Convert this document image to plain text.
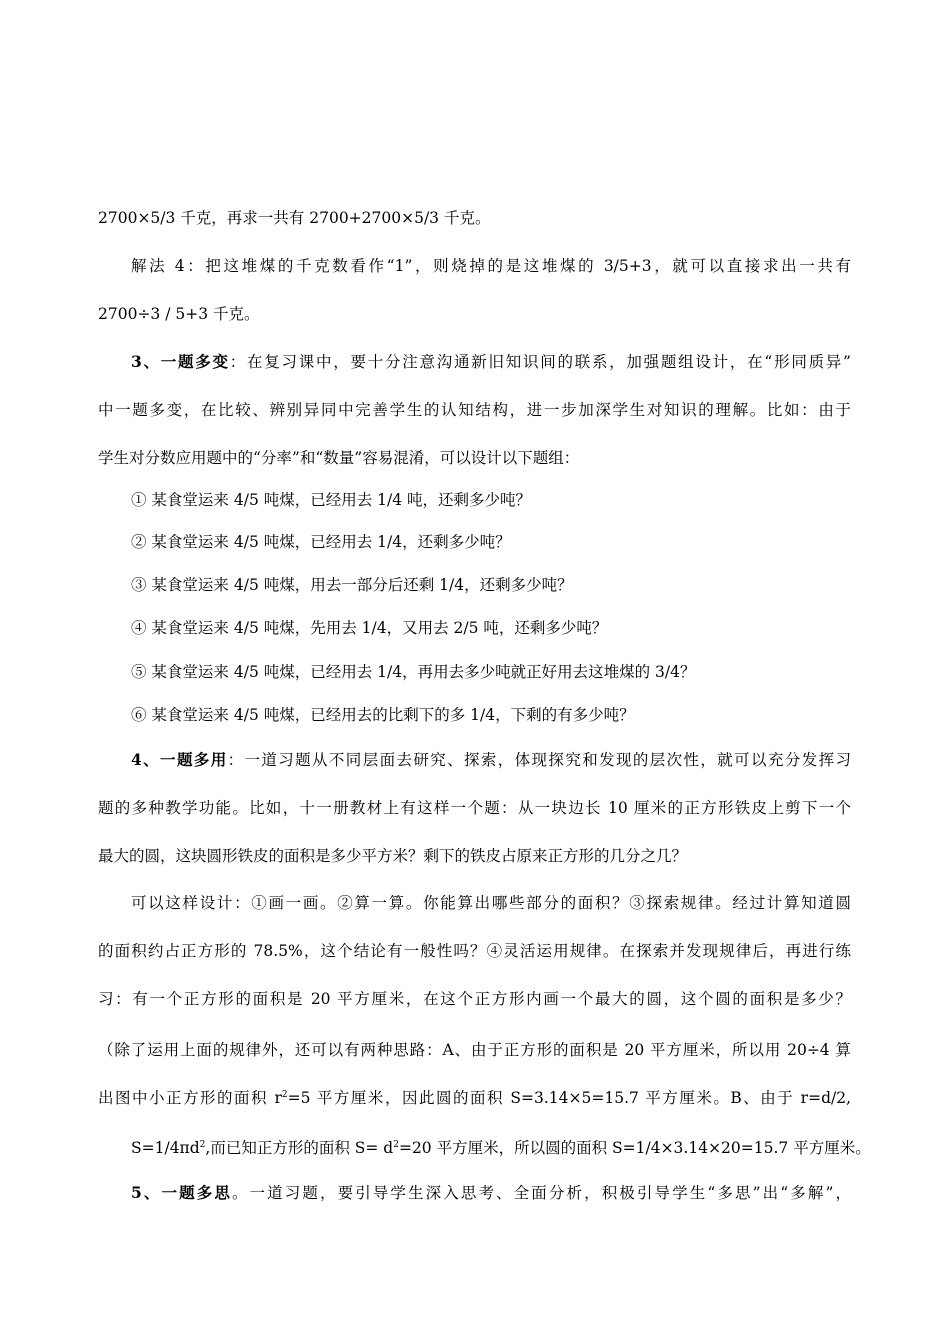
2700×5/3 千克，再求一共有 2700+2700×5/3 千克。
解法 4：把这堆煤的千克数看作“1”，则烧掉的是这堆煤的 3/5+3，就可以直接求出一共有
2700÷3 / 5+3 千克。
3、一题多变：在复习课中，要十分注意沟通新旧知识间的联系，加强题组设计，在“形同质异”
中一题多变，在比较、辨别异同中完善学生的认知结构，进一步加深学生对知识的理解。比如：由于
学生对分数应用题中的“分率”和“数量”容易混淆，可以设计以下题组：
① 某食堂运来 4/5 吨煤，已经用去 1/4 吨，还剩多少吨？
② 某食堂运来 4/5 吨煤，已经用去 1/4，还剩多少吨？
③ 某食堂运来 4/5 吨煤，用去一部分后还剩 1/4，还剩多少吨？
④ 某食堂运来 4/5 吨煤，先用去 1/4，又用去 2/5 吨，还剩多少吨？
⑤ 某食堂运来 4/5 吨煤，已经用去 1/4，再用去多少吨就正好用去这堆煤的 3/4？
⑥ 某食堂运来 4/5 吨煤，已经用去的比剩下的多 1/4，下剩的有多少吨？
4、一题多用：一道习题从不同层面去研究、探索，体现探究和发现的层次性，就可以充分发挥习
题的多种教学功能。比如，十一册教材上有这样一个题：从一块边长 10 厘米的正方形铁皮上剪下一个
最大的圆，这块圆形铁皮的面积是多少平方米？剩下的铁皮占原来正方形的几分之几？
可以这样设计：①画一画。②算一算。你能算出哪些部分的面积？③探索规律。经过计算知道圆
的面积约占正方形的 78.5%，这个结论有一般性吗？④灵活运用规律。在探索并发现规律后，再进行练
习：有一个正方形的面积是 20 平方厘米，在这个正方形内画一个最大的圆，这个圆的面积是多少？
（除了运用上面的规律外，还可以有两种思路：A、由于正方形的面积是 20 平方厘米，所以用 20÷4 算
出图中小正方形的面积 $r^2=5$ 平方厘米，因此圆的面积 S=3.14×5=15.7 平方厘米。B、由于 r=d/2,
$S=1/4\pi d^2$,而已知正方形的面积 $S= d^2=20$ 平方厘米，所以圆的面积 S=1/4×3.14×20=15.7 平方厘米。
5、一题多思。一道习题，要引导学生深入思考、全面分析，积极引导学生“多思”出“多解”，
